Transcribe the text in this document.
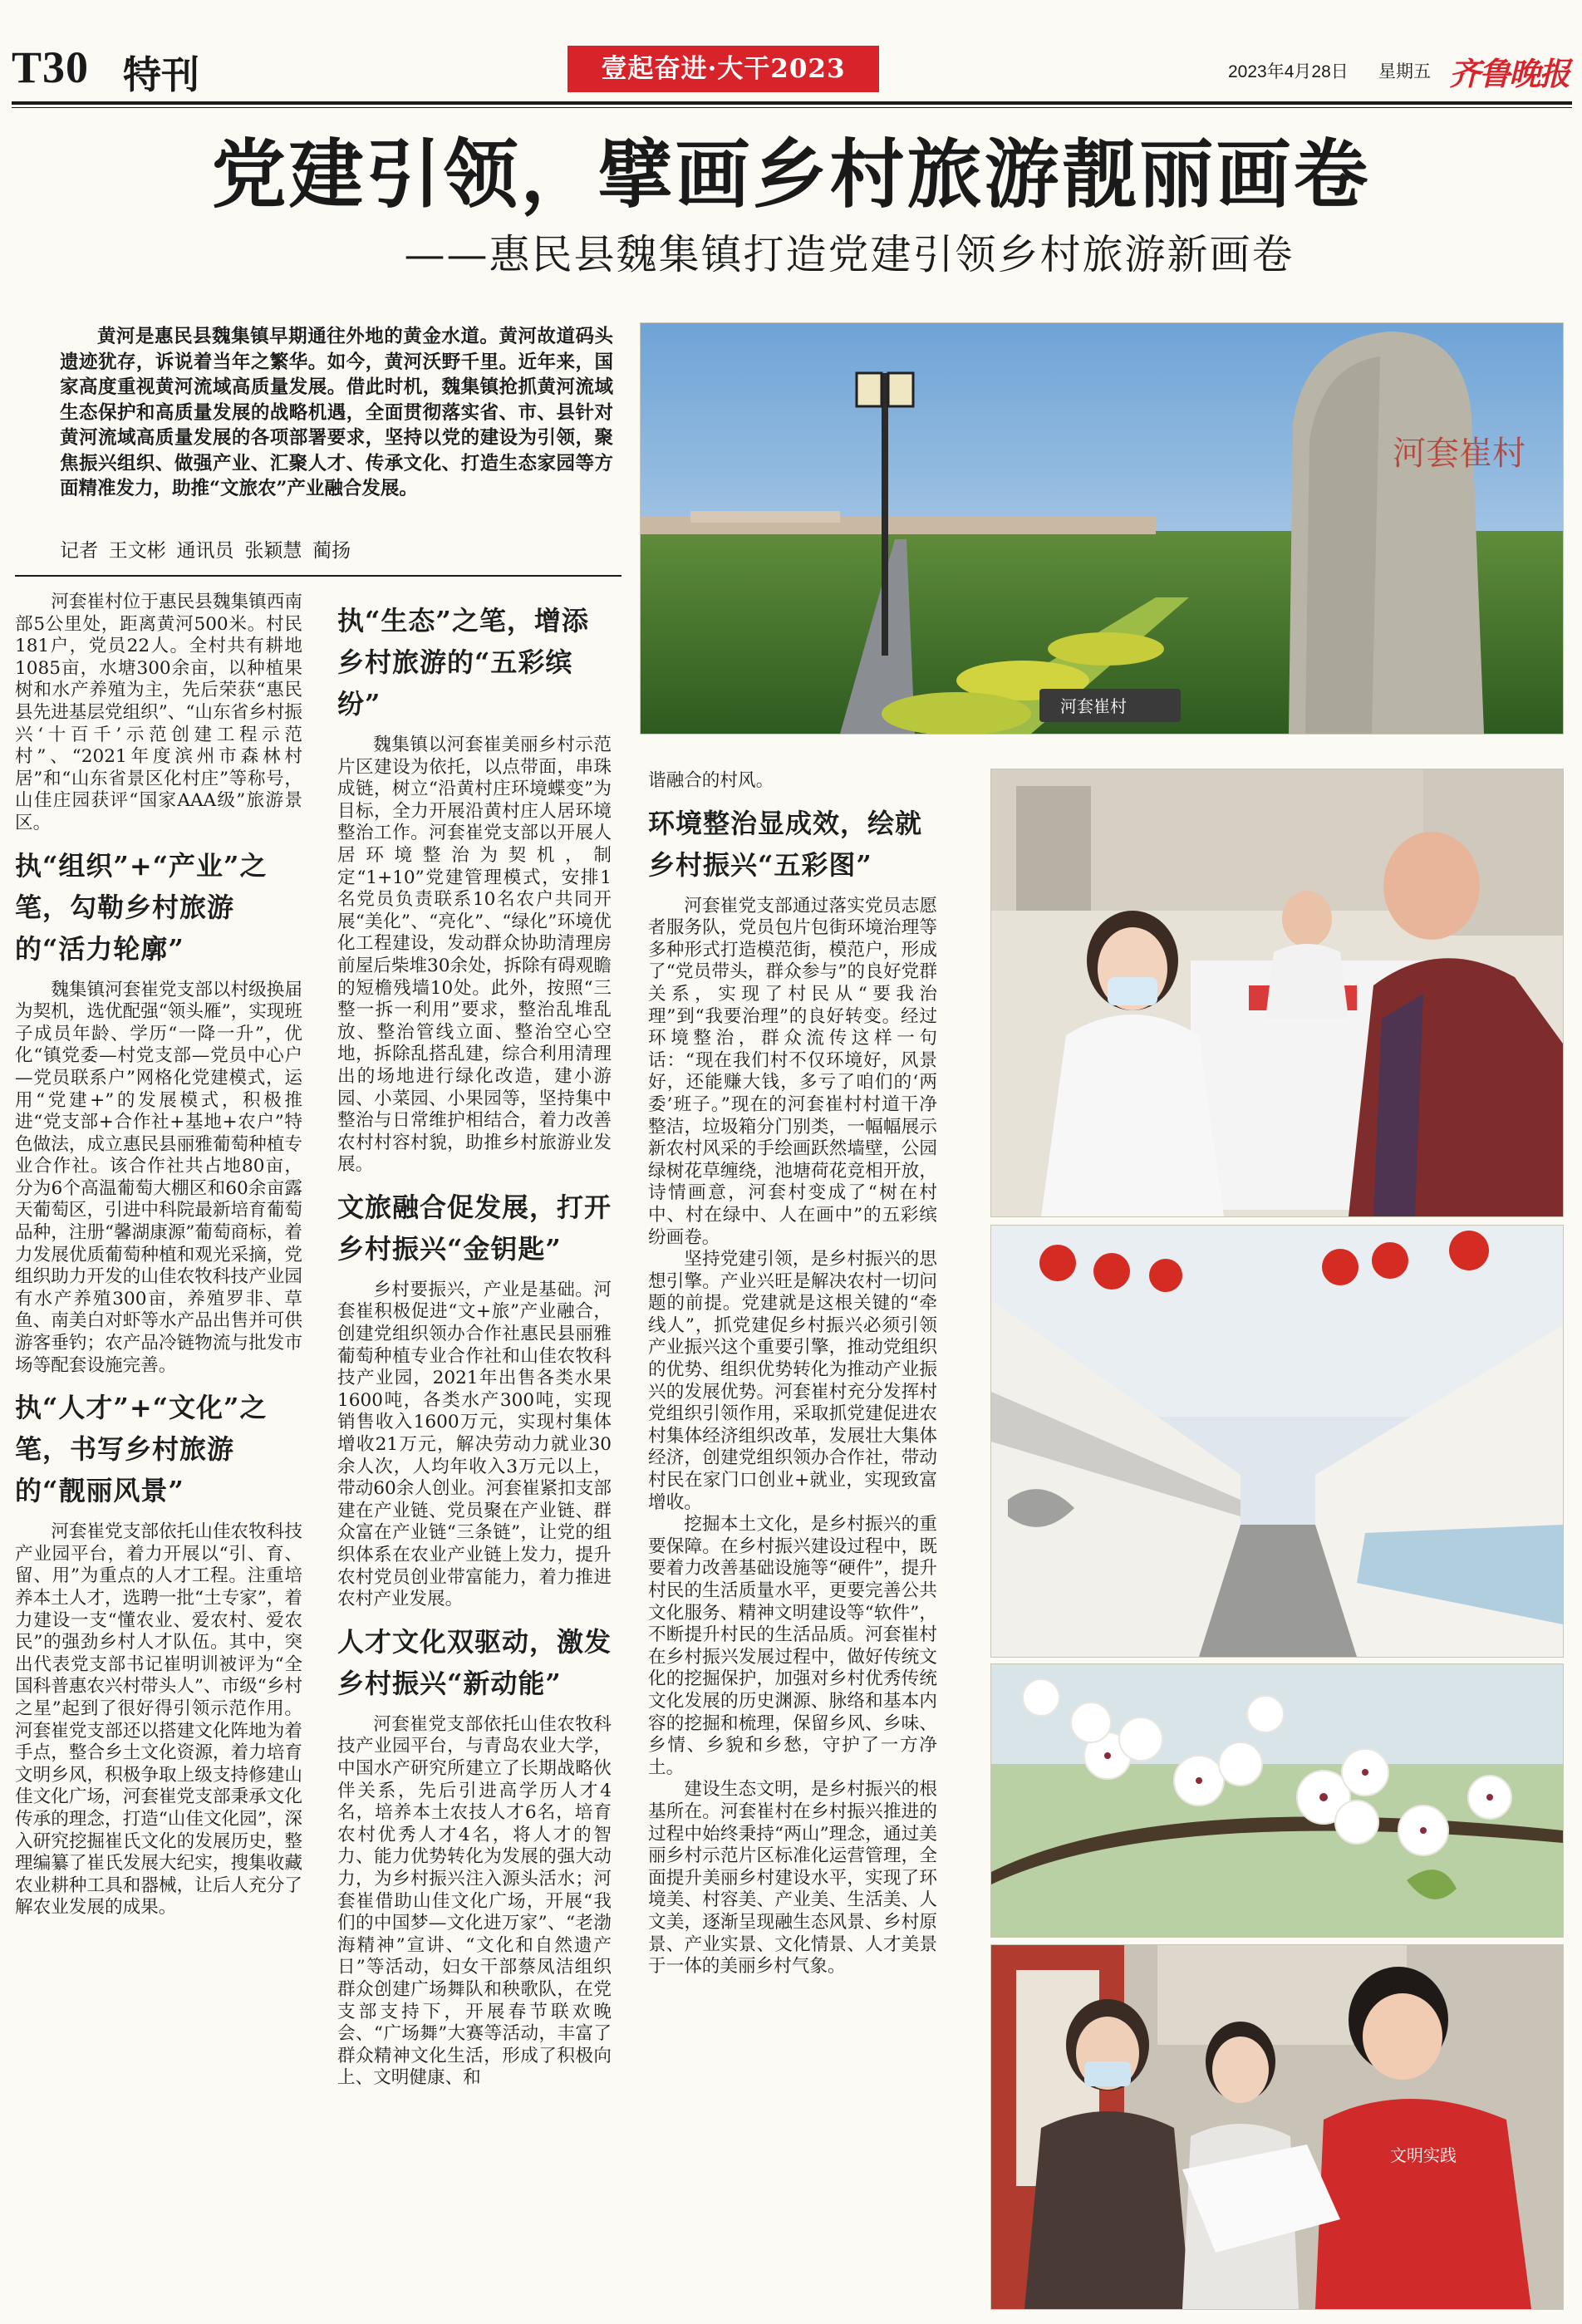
T30 特刊	壹起奋进·大干2023	2023年4月28日 星期五 齐鲁晚报
党建引领，擘画乡村旅游靓丽画卷
——惠民县魏集镇打造党建引领乡村旅游新画卷
黄河是惠民县魏集镇早期通往外地的黄金水道。黄河故道码头遗迹犹存，诉说着当年之繁华。如今，黄河沃野千里。近年来，国家高度重视黄河流域高质量发展。借此时机，魏集镇抢抓黄河流域生态保护和高质量发展的战略机遇，全面贯彻落实省、市、县针对黄河流域高质量发展的各项部署要求，坚持以党的建设为引领，聚焦振兴组织、做强产业、汇聚人才、传承文化、打造生态家园等方面精准发力，助推“文旅农”产业融合发展。
记者  王文彬  通讯员  张颖慧  蔺扬
河套崔村
河套崔村
文明实践

河套崔村位于惠民县魏集镇西南部5公里处，距离黄河500米。村民181户，党员22人。全村共有耕地1085亩，水塘300余亩，以种植果树和水产养殖为主，先后荣获“惠民县先进基层党组织”、“山东省乡村振兴‘十百千’示范创建工程示范村”、“2021年度滨州市森林村居”和“山东省景区化村庄”等称号，山佳庄园获评“国家AAA级”旅游景区。

执“组织”+“产业”之笔，勾勒乡村旅游的“活力轮廓”

魏集镇河套崔党支部以村级换届为契机，选优配强“领头雁”，实现班子成员年龄、学历“一降一升”，优化“镇党委—村党支部—党员中心户—党员联系户”网格化党建模式，运用“党建+”的发展模式，积极推进“党支部+合作社+基地+农户”特色做法，成立惠民县丽雅葡萄种植专业合作社。该合作社共占地80亩，分为6个高温葡萄大棚区和60余亩露天葡萄区，引进中科院最新培育葡萄品种，注册“馨湖康源”葡萄商标，着力发展优质葡萄种植和观光采摘，党组织助力开发的山佳农牧科技产业园有水产养殖300亩，养殖罗非、草鱼、南美白对虾等水产品出售并可供游客垂钓；农产品冷链物流与批发市场等配套设施完善。

执“人才”+“文化”之笔，书写乡村旅游的“靓丽风景”

河套崔党支部依托山佳农牧科技产业园平台，着力开展以“引、育、留、用”为重点的人才工程。注重培养本土人才，选聘一批“土专家”，着力建设一支“懂农业、爱农村、爱农民”的强劲乡村人才队伍。其中，突出代表党支部书记崔明训被评为“全国科普惠农兴村带头人”、市级“乡村之星”起到了很好得引领示范作用。河套崔党支部还以搭建文化阵地为着手点，整合乡土文化资源，着力培育文明乡风，积极争取上级支持修建山佳文化广场，河套崔党支部秉承文化传承的理念，打造“山佳文化园”，深入研究挖掘崔氏文化的发展历史，整理编纂了崔氏发展大纪实，搜集收藏农业耕种工具和器械，让后人充分了解农业发展的成果。

执“生态”之笔，增添乡村旅游的“五彩缤纷”

魏集镇以河套崔美丽乡村示范片区建设为依托，以点带面，串珠成链，树立“沿黄村庄环境蝶变”为目标，全力开展沿黄村庄人居环境整治工作。河套崔党支部以开展人居环境整治为契机，制定“1+10”党建管理模式，安排1名党员负责联系10名农户共同开展“美化”、“亮化”、“绿化”环境优化工程建设，发动群众协助清理房前屋后柴堆30余处，拆除有碍观瞻的短檐残墙10处。此外，按照“三整一拆一利用”要求，整治乱堆乱放、整治管线立面、整治空心空地，拆除乱搭乱建，综合利用清理出的场地进行绿化改造，建小游园、小菜园、小果园等，坚持集中整治与日常维护相结合，着力改善农村村容村貌，助推乡村旅游业发展。

文旅融合促发展，打开乡村振兴“金钥匙”

乡村要振兴，产业是基础。河套崔积极促进“文+旅”产业融合，创建党组织领办合作社惠民县丽雅葡萄种植专业合作社和山佳农牧科技产业园，2021年出售各类水果1600吨，各类水产300吨，实现销售收入1600万元，实现村集体增收21万元，解决劳动力就业30余人次，人均年收入3万元以上，带动60余人创业。河套崔紧扣支部建在产业链、党员聚在产业链、群众富在产业链“三条链”，让党的组织体系在农业产业链上发力，提升农村党员创业带富能力，着力推进农村产业发展。

人才文化双驱动，激发乡村振兴“新动能”

河套崔党支部依托山佳农牧科技产业园平台，与青岛农业大学，中国水产研究所建立了长期战略伙伴关系，先后引进高学历人才4名，培养本土农技人才6名，培育农村优秀人才4名，将人才的智力、能力优势转化为发展的强大动力，为乡村振兴注入源头活水；河套崔借助山佳文化广场，开展“我们的中国梦—文化进万家”、“老渤海精神”宣讲、“文化和自然遗产日”等活动，妇女干部蔡凤洁组织群众创建广场舞队和秧歌队，在党支部支持下，开展春节联欢晚会、“广场舞”大赛等活动，丰富了群众精神文化生活，形成了积极向上、文明健康、和

谐融合的村风。

环境整治显成效，绘就乡村振兴“五彩图”

河套崔党支部通过落实党员志愿者服务队，党员包片包街环境治理等多种形式打造模范街，模范户，形成了“党员带头，群众参与”的良好党群关系，实现了村民从“要我治理”到“我要治理”的良好转变。经过环境整治，群众流传这样一句话：“现在我们村不仅环境好，风景好，还能赚大钱，多亏了咱们的‘两委’班子。”现在的河套崔村村道干净整洁，垃圾箱分门别类，一幅幅展示新农村风采的手绘画跃然墙壁，公园绿树花草缠绕，池塘荷花竞相开放，诗情画意，河套村变成了“树在村中、村在绿中、人在画中”的五彩缤纷画卷。

坚持党建引领，是乡村振兴的思想引擎。产业兴旺是解决农村一切问题的前提。党建就是这根关键的“牵线人”，抓党建促乡村振兴必须引领产业振兴这个重要引擎，推动党组织的优势、组织优势转化为推动产业振兴的发展优势。河套崔村充分发挥村党组织引领作用，采取抓党建促进农村集体经济组织改革，发展壮大集体经济，创建党组织领办合作社，带动村民在家门口创业+就业，实现致富增收。

挖掘本土文化，是乡村振兴的重要保障。在乡村振兴建设过程中，既要着力改善基础设施等“硬件”，提升村民的生活质量水平，更要完善公共文化服务、精神文明建设等“软件”，不断提升村民的生活品质。河套崔村在乡村振兴发展过程中，做好传统文化的挖掘保护，加强对乡村优秀传统文化发展的历史渊源、脉络和基本内容的挖掘和梳理，保留乡风、乡味、乡情、乡貌和乡愁，守护了一方净土。

建设生态文明，是乡村振兴的根基所在。河套崔村在乡村振兴推进的过程中始终秉持“两山”理念，通过美丽乡村示范片区标准化运营管理，全面提升美丽乡村建设水平，实现了环境美、村容美、产业美、生活美、人文美，逐渐呈现融生态风景、乡村原景、产业实景、文化情景、人才美景于一体的美丽乡村气象。
